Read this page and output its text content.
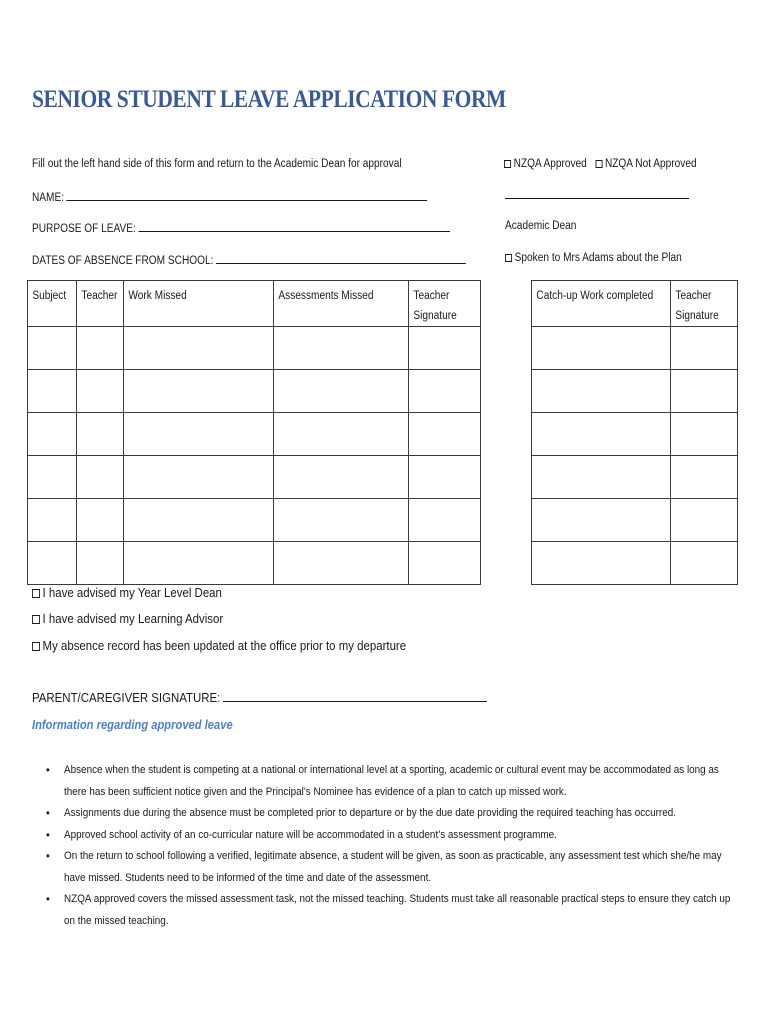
SENIOR STUDENT LEAVE APPLICATION FORM
Fill out the left hand side of this form and return to the Academic Dean for approval	NZQA Approved NZQA Not Approved
NAME:
PURPOSE OF LEAVE:	Academic Dean
DATES OF ABSENCE FROM SCHOOL:	Spoken to Mrs Adams about the Plan
Subject	Teacher	Work Missed	Assessments Missed	Teacher Signature

Catch-up Work completed	Teacher Signature

I have advised my Year Level Dean
I have advised my Learning Advisor
My absence record has been updated at the office prior to my departure
PARENT/CAREGIVER SIGNATURE:
Information regarding approved leave
• Absence when the student is competing at a national or international level at a sporting, academic or cultural event may be accommodated as long as there has been sufficient notice given and the Principal’s Nominee has evidence of a plan to catch up missed work.
• Assignments due during the absence must be completed prior to departure or by the due date providing the required teaching has occurred.
• Approved school activity of an co-curricular nature will be accommodated in a student’s assessment programme.
• On the return to school following a verified, legitimate absence, a student will be given, as soon as practicable, any assessment test which she/he may have missed. Students need to be informed of the time and date of the assessment.
• NZQA approved covers the missed assessment task, not the missed teaching. Students must take all reasonable practical steps to ensure they catch up on the missed teaching.
